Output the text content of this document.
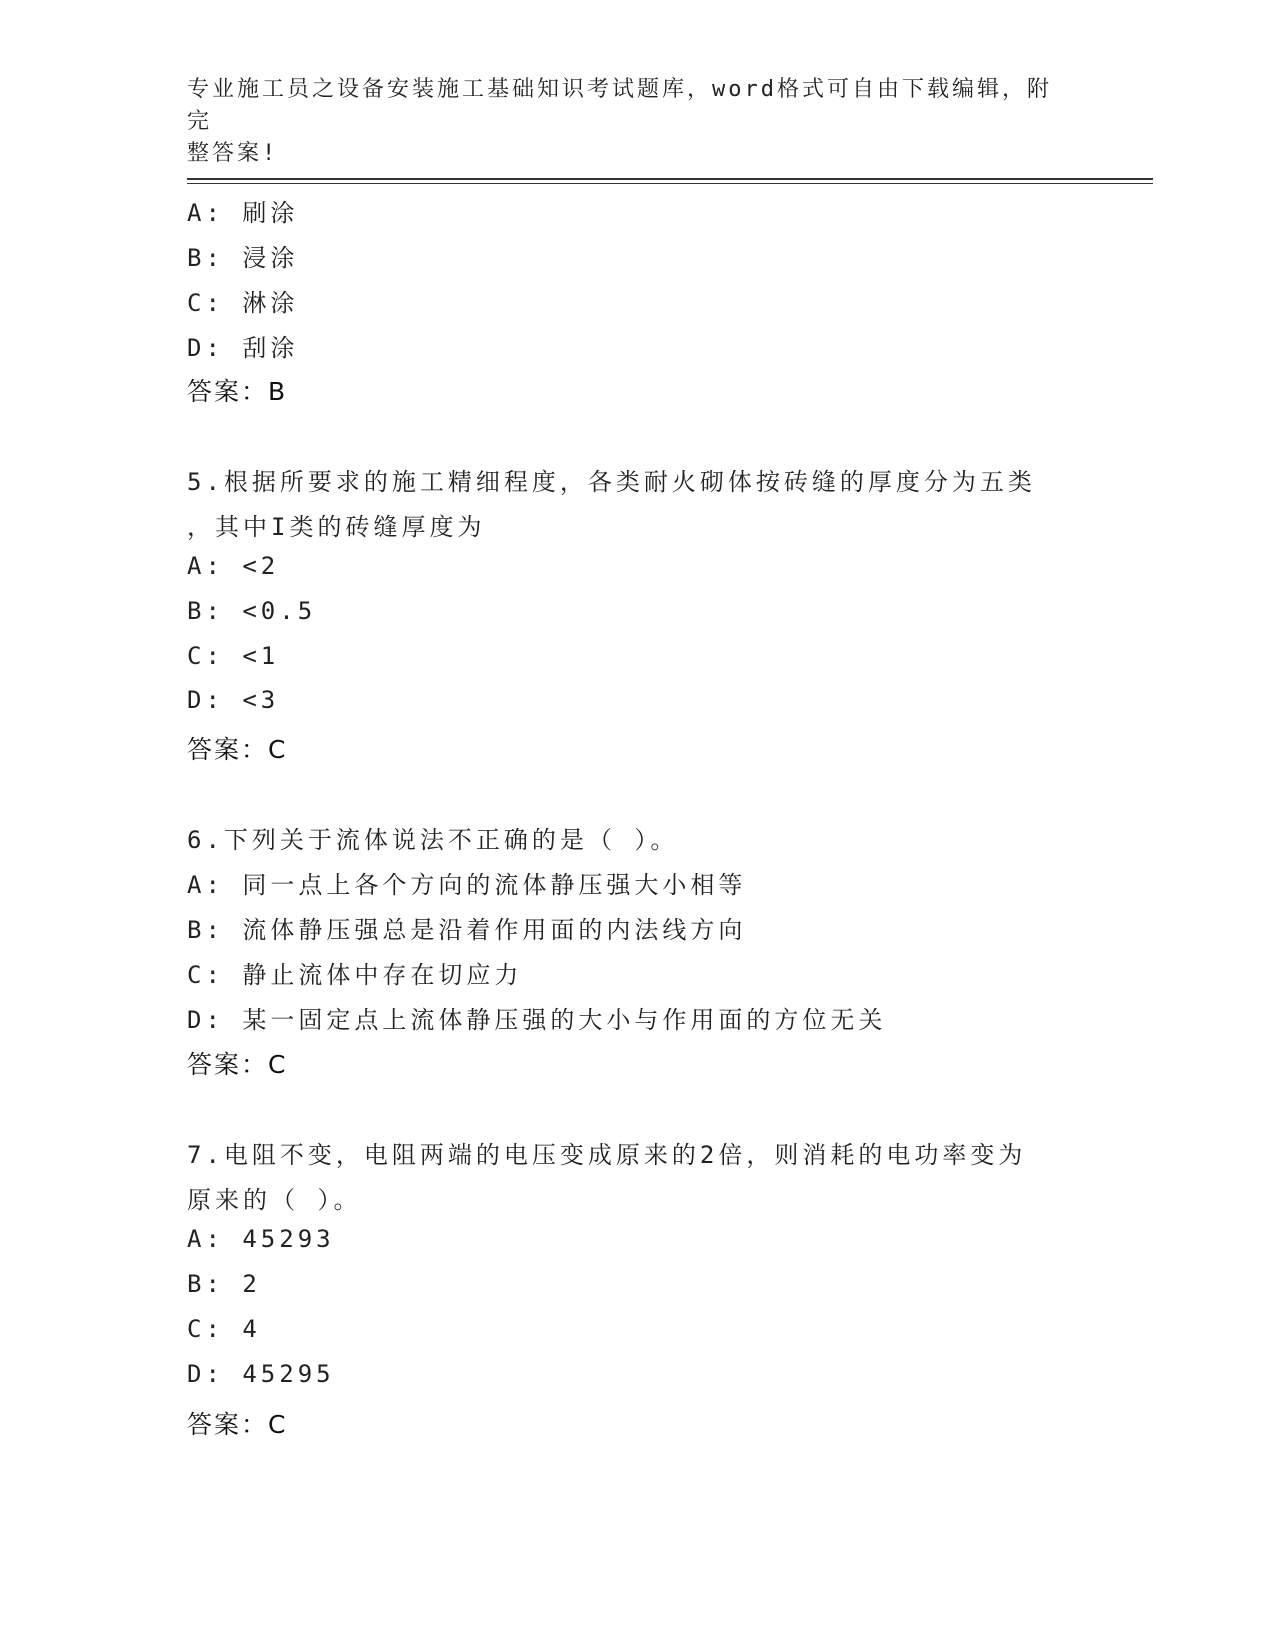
专业施工员之设备安装施工基础知识考试题库，word格式可自由下载编辑，附完
整答案!
A: 刷涂
B: 浸涂
C: 淋涂
D: 刮涂
答案：B
5.根据所要求的施工精细程度，各类耐火砌体按砖缝的厚度分为五类
，其中I类的砖缝厚度为
A: <2
B: <0.5
C: <1
D: <3
答案：C
6.下列关于流体说法不正确的是（ ）。
A: 同一点上各个方向的流体静压强大小相等
B: 流体静压强总是沿着作用面的内法线方向
C: 静止流体中存在切应力
D: 某一固定点上流体静压强的大小与作用面的方位无关
答案：C
7.电阻不变，电阻两端的电压变成原来的2倍，则消耗的电功率变为
原来的（ ）。
A: 45293
B: 2
C: 4
D: 45295
答案：C
